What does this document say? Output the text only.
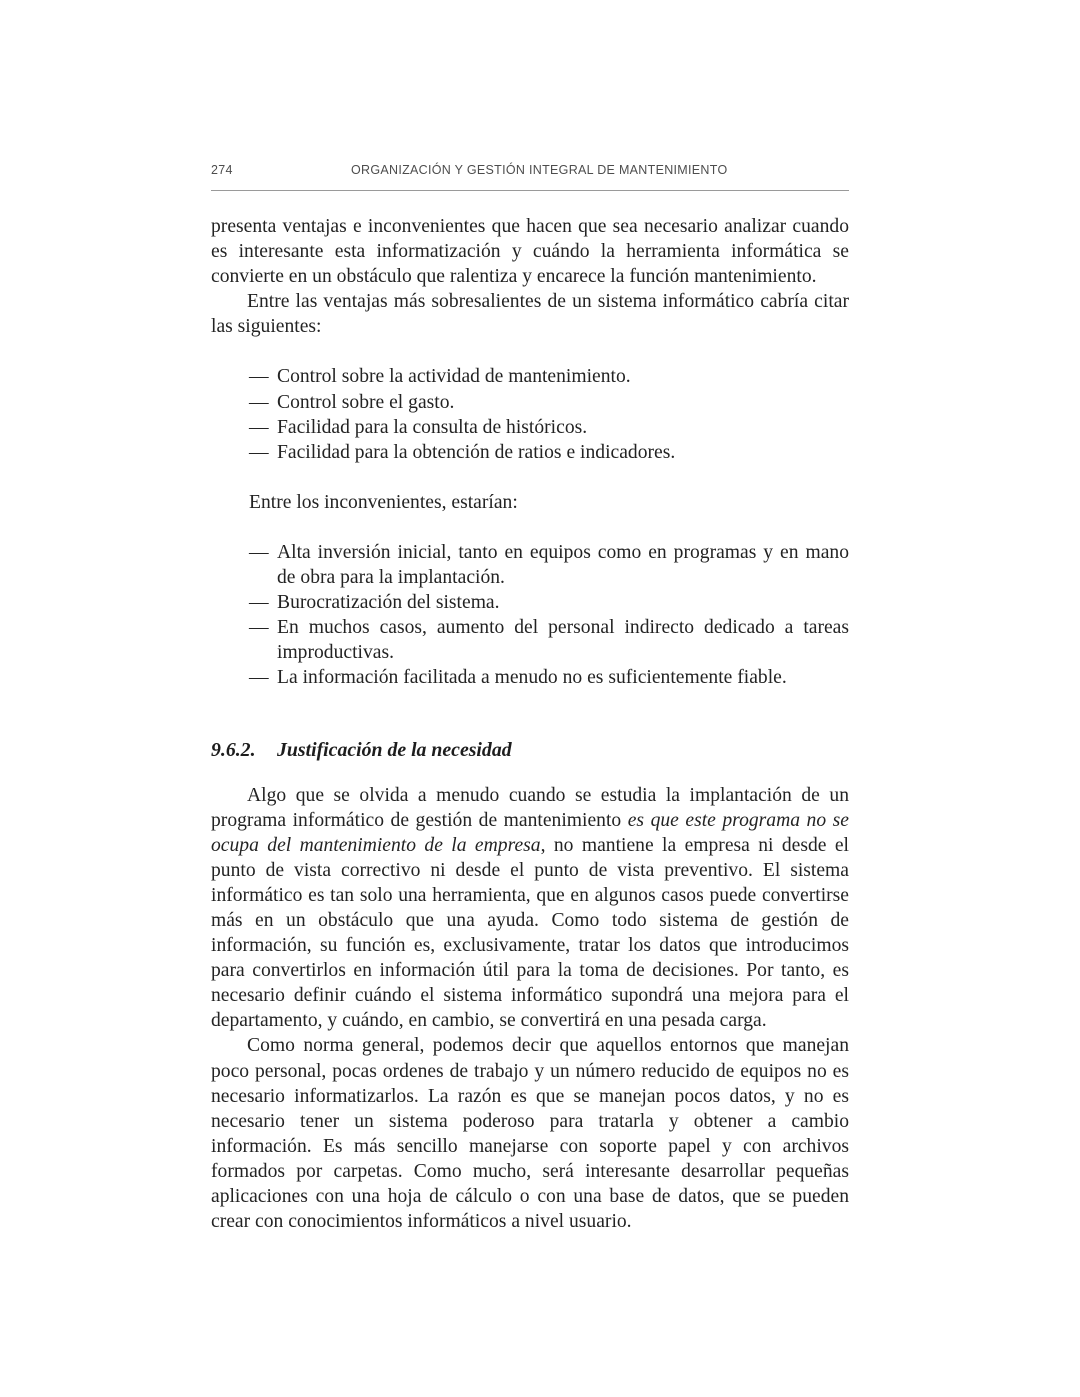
274	ORGANIZACIÓN Y GESTIÓN INTEGRAL DE MANTENIMIENTO

presenta ventajas e inconvenientes que hacen que sea necesario analizar cuando es interesante esta informatización y cuándo la herramienta informática se convierte en un obstáculo que ralentiza y encarece la función mantenimiento.

Entre las ventajas más sobresalientes de un sistema informático cabría citar las siguientes:

— Control sobre la actividad de mantenimiento.
— Control sobre el gasto.
— Facilidad para la consulta de históricos.
— Facilidad para la obtención de ratios e indicadores.

Entre los inconvenientes, estarían:

— Alta inversión inicial, tanto en equipos como en programas y en mano de obra para la implantación.
— Burocratización del sistema.
— En muchos casos, aumento del personal indirecto dedicado a tareas improductivas.
— La información facilitada a menudo no es suficientemente fiable.
9.6.2.	Justificación de la necesidad

Algo que se olvida a menudo cuando se estudia la implantación de un programa informático de gestión de mantenimiento es que este programa no se ocupa del mantenimiento de la empresa, no mantiene la empresa ni desde el punto de vista correctivo ni desde el punto de vista preventivo. El sistema informático es tan solo una herramienta, que en algunos casos puede convertirse más en un obstáculo que una ayuda. Como todo sistema de gestión de información, su función es, exclusivamente, tratar los datos que introducimos para convertirlos en información útil para la toma de decisiones. Por tanto, es necesario definir cuándo el sistema informático supondrá una mejora para el departamento, y cuándo, en cambio, se convertirá en una pesada carga.

Como norma general, podemos decir que aquellos entornos que manejan poco personal, pocas ordenes de trabajo y un número reducido de equipos no es necesario informatizarlos. La razón es que se manejan pocos datos, y no es necesario tener un sistema poderoso para tratarla y obtener a cambio información. Es más sencillo manejarse con soporte papel y con archivos formados por carpetas. Como mucho, será interesante desarrollar pequeñas aplicaciones con una hoja de cálculo o con una base de datos, que se pueden crear con conocimientos informáticos a nivel usuario.
